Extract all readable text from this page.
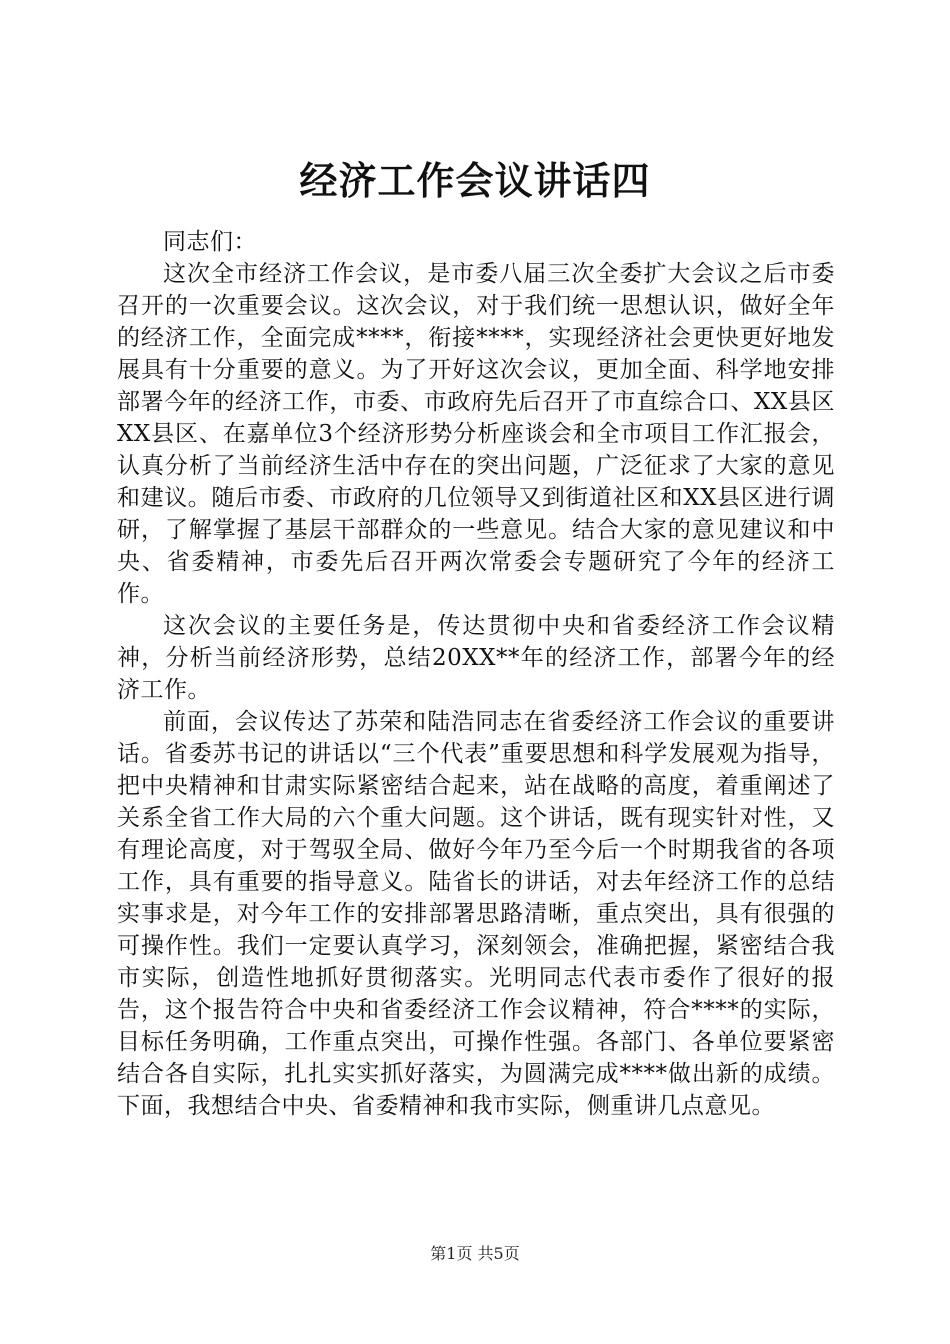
经济工作会议讲话四

同志们：

这次全市经济工作会议，是市委八届三次全委扩大会议之后市委召开的一次重要会议。这次会议，对于我们统一思想认识，做好全年的经济工作，全面完成****，衔接****，实现经济社会更快更好地发展具有十分重要的意义。为了开好这次会议，更加全面、科学地安排部署今年的经济工作，市委、市政府先后召开了市直综合口、XX县区XX县区、在嘉单位3个经济形势分析座谈会和全市项目工作汇报会，认真分析了当前经济生活中存在的突出问题，广泛征求了大家的意见和建议。随后市委、市政府的几位领导又到街道社区和XX县区进行调研，了解掌握了基层干部群众的一些意见。结合大家的意见建议和中央、省委精神，市委先后召开两次常委会专题研究了今年的经济工作。

这次会议的主要任务是，传达贯彻中央和省委经济工作会议精神，分析当前经济形势，总结20XX**年的经济工作，部署今年的经济工作。

前面，会议传达了苏荣和陆浩同志在省委经济工作会议的重要讲话。省委苏书记的讲话以“三个代表”重要思想和科学发展观为指导，把中央精神和甘肃实际紧密结合起来，站在战略的高度，着重阐述了关系全省工作大局的六个重大问题。这个讲话，既有现实针对性，又有理论高度，对于驾驭全局、做好今年乃至今后一个时期我省的各项工作，具有重要的指导意义。陆省长的讲话，对去年经济工作的总结实事求是，对今年工作的安排部署思路清晰，重点突出，具有很强的可操作性。我们一定要认真学习，深刻领会，准确把握，紧密结合我市实际，创造性地抓好贯彻落实。光明同志代表市委作了很好的报告，这个报告符合中央和省委经济工作会议精神，符合****的实际，目标任务明确，工作重点突出，可操作性强。各部门、各单位要紧密结合各自实际，扎扎实实抓好落实，为圆满完成****做出新的成绩。下面，我想结合中央、省委精神和我市实际，侧重讲几点意见。

第1页 共5页
